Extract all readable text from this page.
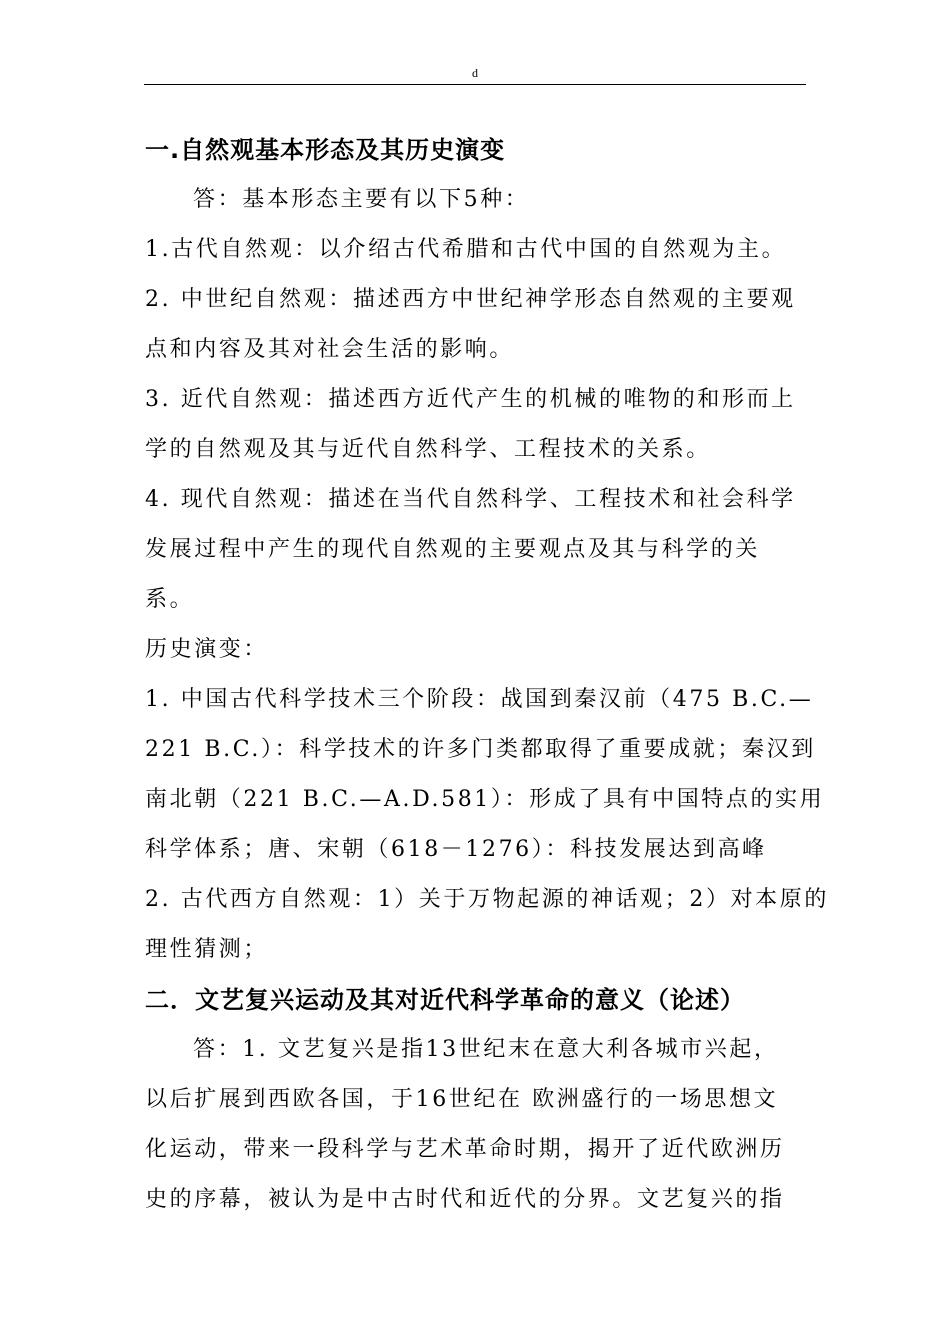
d
一.自然观基本形态及其历史演变
答：基本形态主要有以下5种：
1.古代自然观：以介绍古代希腊和古代中国的自然观为主。
2. 中世纪自然观：描述西方中世纪神学形态自然观的主要观
点和内容及其对社会生活的影响。
3. 近代自然观：描述西方近代产生的机械的唯物的和形而上
学的自然观及其与近代自然科学、工程技术的关系。
4. 现代自然观：描述在当代自然科学、工程技术和社会科学
发展过程中产生的现代自然观的主要观点及其与科学的关
系。
历史演变：
1. 中国古代科学技术三个阶段：战国到秦汉前（475 B.C.—
221 B.C.）：科学技术的许多门类都取得了重要成就；秦汉到
南北朝（221 B.C.—A.D.581）：形成了具有中国特点的实用
科学体系；唐、宋朝（618－1276）：科技发展达到高峰
2. 古代西方自然观：1）关于万物起源的神话观；2）对本原的
理性猜测；
二．文艺复兴运动及其对近代科学革命的意义（论述）
答：1. 文艺复兴是指13世纪末在意大利各城市兴起，
以后扩展到西欧各国，于16世纪在 欧洲盛行的一场思想文
化运动，带来一段科学与艺术革命时期，揭开了近代欧洲历
史的序幕，被认为是中古时代和近代的分界。文艺复兴的指
